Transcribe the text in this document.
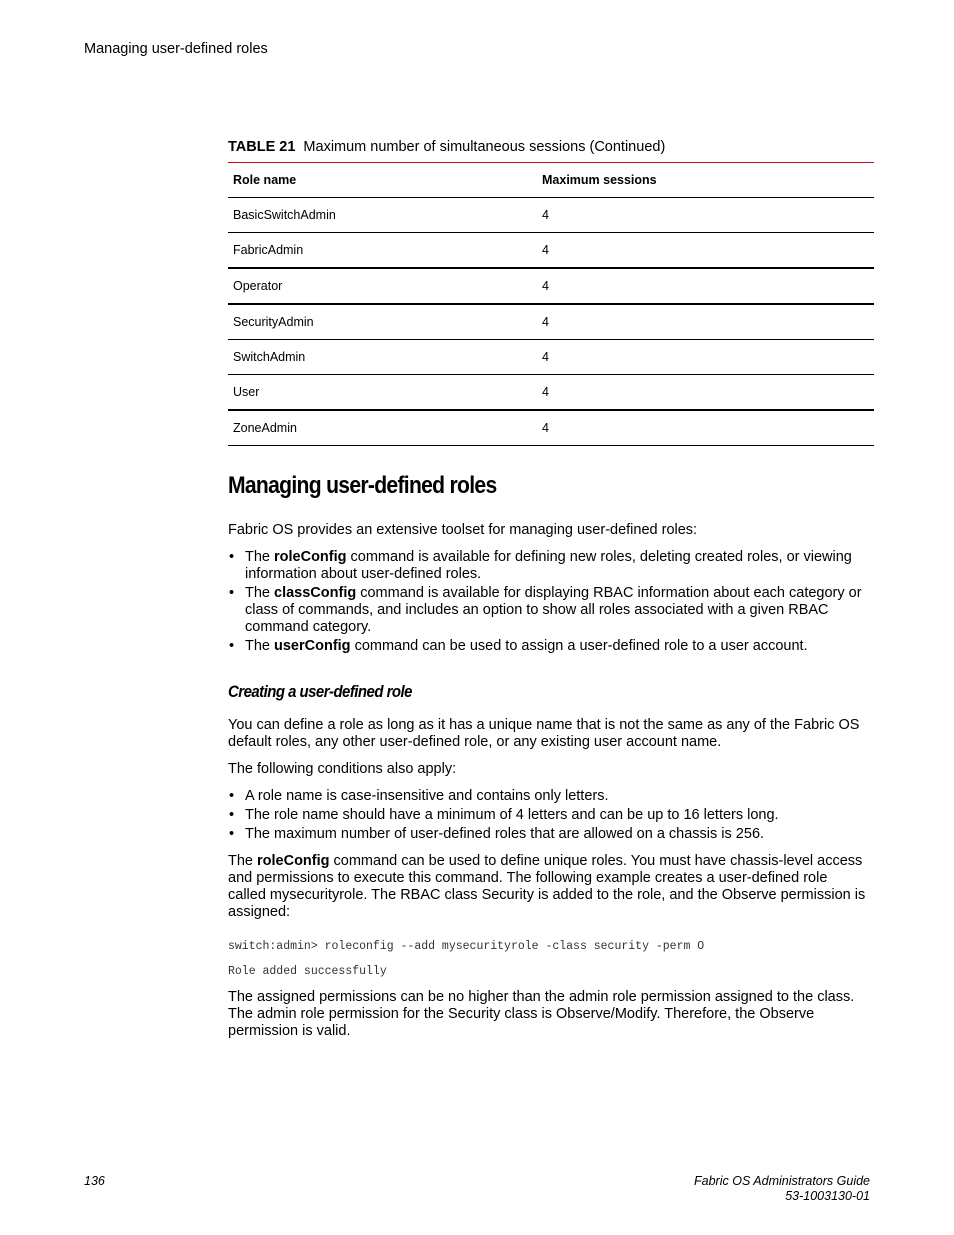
Managing user-defined roles
TABLE 21 Maximum number of simultaneous sessions (Continued)
Role name	Maximum sessions
BasicSwitchAdmin	4
FabricAdmin	4
Operator	4
SecurityAdmin	4
SwitchAdmin	4
User	4
ZoneAdmin	4
Managing user-defined roles

Fabric OS provides an extensive toolset for managing user-defined roles:

• The roleConfig command is available for defining new roles, deleting created roles, or viewing information about user-defined roles.
• The classConfig command is available for displaying RBAC information about each category or class of commands, and includes an option to show all roles associated with a given RBAC command category.
• The userConfig command can be used to assign a user-defined role to a user account.
Creating a user-defined role

You can define a role as long as it has a unique name that is not the same as any of the Fabric OS default roles, any other user-defined role, or any existing user account name.

The following conditions also apply:

• A role name is case-insensitive and contains only letters.
• The role name should have a minimum of 4 letters and can be up to 16 letters long.
• The maximum number of user-defined roles that are allowed on a chassis is 256.

The roleConfig command can be used to define unique roles. You must have chassis-level access and permissions to execute this command. The following example creates a user-defined role called mysecurityrole. The RBAC class Security is added to the role, and the Observe permission is assigned:

switch:admin> roleconfig --add mysecurityrole -class security -perm O
Role added successfully

The assigned permissions can be no higher than the admin role permission assigned to the class. The admin role permission for the Security class is Observe/Modify. Therefore, the Observe permission is valid.

136	Fabric OS Administrators Guide
53-1003130-01
